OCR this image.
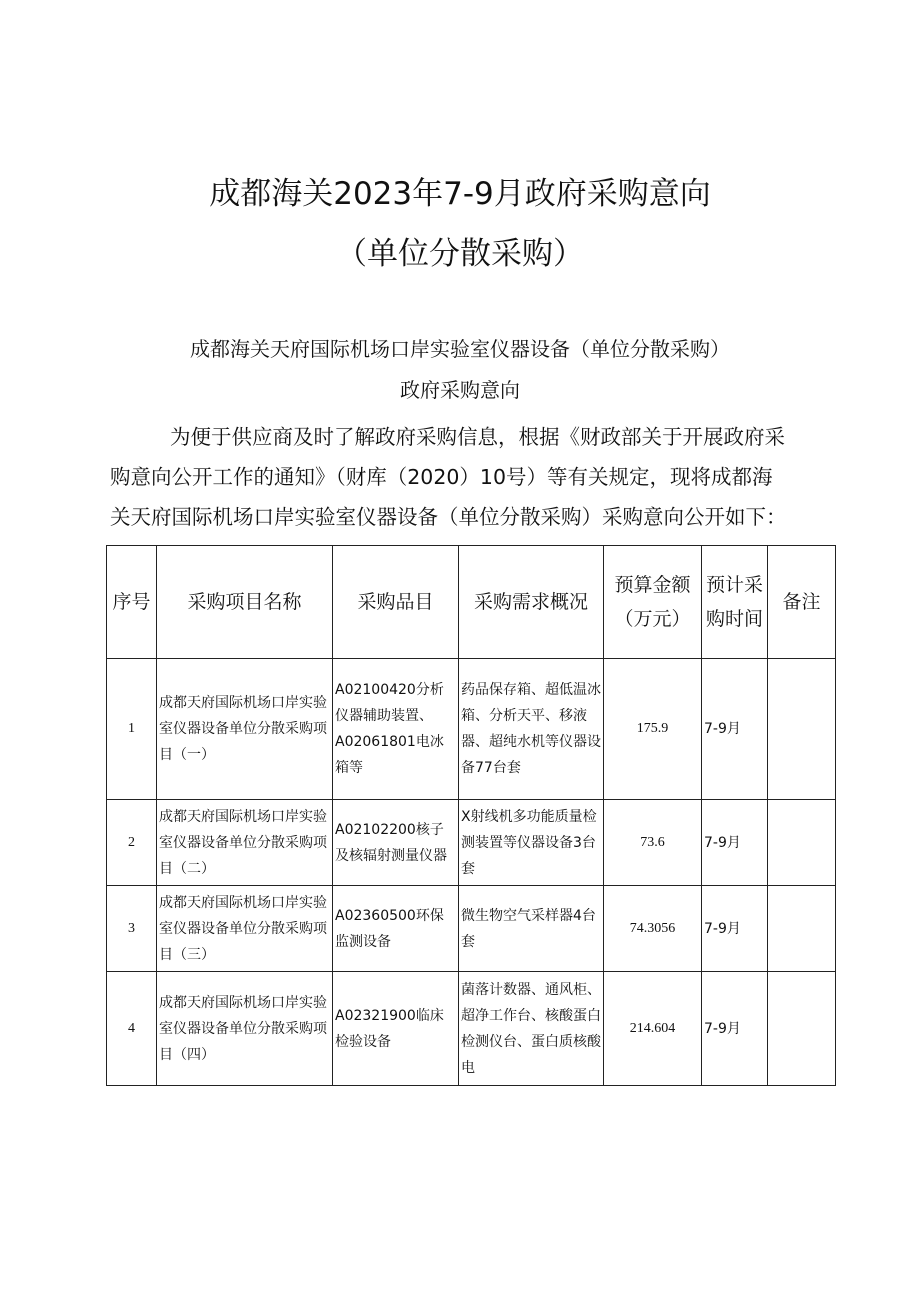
成都海关2023年7-9月政府采购意向
（单位分散采购）
成都海关天府国际机场口岸实验室仪器设备（单位分散采购）
政府采购意向
为便于供应商及时了解政府采购信息，根据《财政部关于开展政府采
购意向公开工作的通知》（财库（2020）10号）等有关规定，现将成都海
关天府国际机场口岸实验室仪器设备（单位分散采购）采购意向公开如下：
序号	采购项目名称	采购品目	采购需求概况	预算金额（万元）	预计采购时间	备注
1	成都天府国际机场口岸实验室仪器设备单位分散采购项目（一）	A02100420分析仪器辅助装置、A02061801电冰箱等	药品保存箱、超低温冰箱、分析天平、移液器、超纯水机等仪器设备77台套	175.9	7-9月	
2	成都天府国际机场口岸实验室仪器设备单位分散采购项目（二）	A02102200核子及核辐射测量仪器	X射线机多功能质量检测装置等仪器设备3台套	73.6	7-9月	
3	成都天府国际机场口岸实验室仪器设备单位分散采购项目（三）	A02360500环保监测设备	微生物空气采样器4台套	74.3056	7-9月	
4	成都天府国际机场口岸实验室仪器设备单位分散采购项目（四）	A02321900临床检验设备	菌落计数器、通风柜、超净工作台、核酸蛋白检测仪台、蛋白质核酸电	214.604	7-9月	
